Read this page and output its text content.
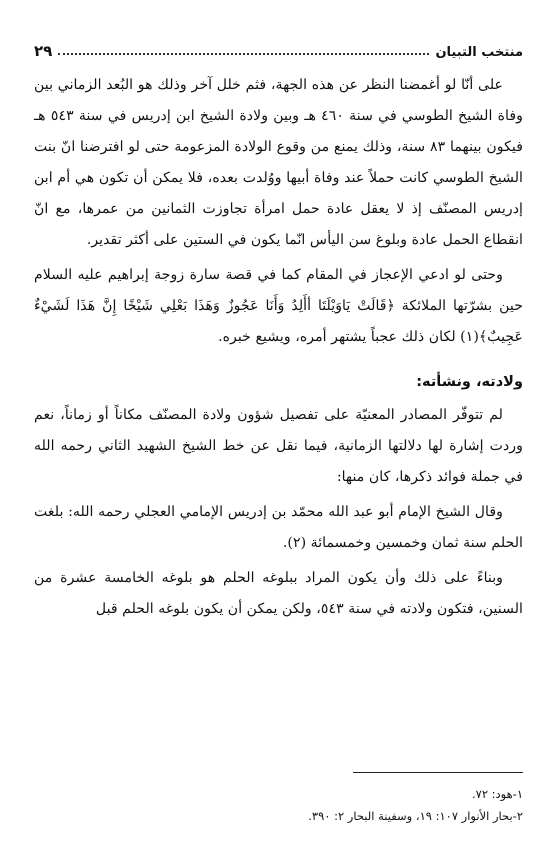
منتخب التبيان
٢٩

على أنّا لو أغمضنا النظر عن هذه الجهة، فثم خلل آخر وذلك هو البُعد الزماني بين وفاة الشيخ الطوسي في سنة ٤٦٠ هـ وبين ولادة الشيخ ابن إدريس في سنة ٥٤٣ هـ فيكون بينهما ٨٣ سنة، وذلك يمنع من وقوع الولادة المزعومة حتى لو افترضنا انّ بنت الشيخ الطوسي كانت حملاً عند وفاة أبيها ووُلدت بعده، فلا يمكن أن تكون هي أم ابن إدريس المصنّف إذ لا يعقل عادة حمل امرأة تجاوزت الثمانين من عمرها، مع انّ انقطاع الحمل عادة وبلوغ سن اليأس انّما يكون في الستين على أكثر تقدير.

وحتى لو ادعي الإعجاز في المقام كما في قصة سارة زوجة إبراهيم عليه السلام حين بشرّتها الملائكة ﴿قَالَتْ يَاوَيْلَتَا أأَلِدُ وَأَنَا عَجُوزٌ وَهَذَا بَعْلِي شَيْخًا إِنَّ هَذَا لَشَيْءٌ عَجِيبٌ﴾(١) لكان ذلك عجباً يشتهر أمره، ويشيع خبره.

ولادته، ونشأته:

لم تتوفّر المصادر المعنيّة على تفصيل شؤون ولادة المصنّف مكاناً أو زماناً، نعم وردت إشارة لها دلالتها الزمانية، فيما نقل عن خط الشيخ الشهيد الثاني رحمه الله في جملة فوائد ذكرها، كان منها:

وقال الشيخ الإمام أبو عبد الله محمّد بن إدريس الإمامي العجلي رحمه الله: بلغت الحلم سنة ثمان وخمسين وخمسمائة (٢).

وبناءً على ذلك وأن يكون المراد ببلوغه الحلم هو بلوغه الخامسة عشرة من السنين، فتكون ولادته في سنة ٥٤٣، ولكن يمكن أن يكون بلوغه الحلم قبل

١-هود: ٧٢.
٢-بحار الأنوار ١٠٧: ١٩، وسفينة البحار ٢: ٣٩٠.
